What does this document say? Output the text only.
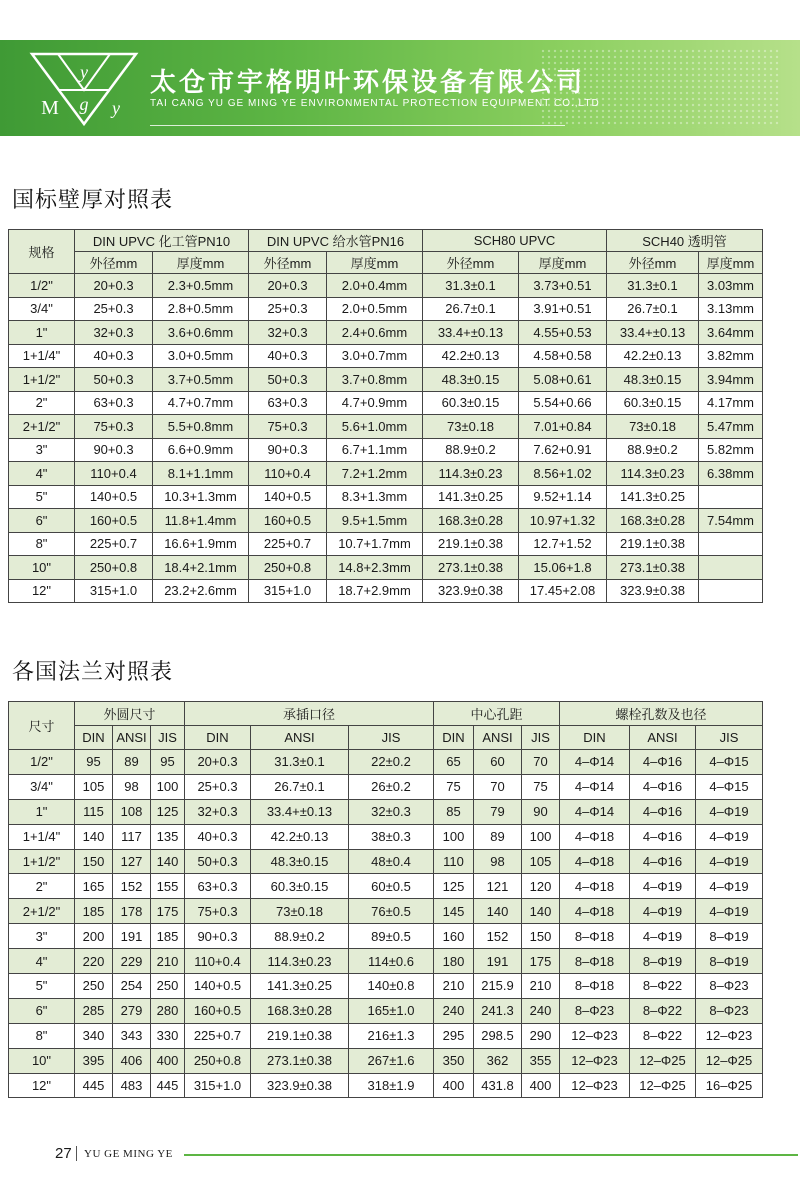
y
M g y
太仓市宇格明叶环保设备有限公司
TAI CANG YU GE MING YE ENVIRONMENTAL PROTECTION EQUIPMENT CO.,LTD
国标壁厚对照表
规格	DIN UPVC 化工管PN10		DIN UPVC 给水管PN16		SCH80 UPVC		SCH40 透明管	
	外径mm	厚度mm	外径mm	厚度mm	外径mm	厚度mm	外径mm	厚度mm
1/2"	20+0.3	2.3+0.5mm	20+0.3	2.0+0.4mm	31.3±0.1	3.73+0.51	31.3±0.1	3.03mm
3/4"	25+0.3	2.8+0.5mm	25+0.3	2.0+0.5mm	26.7±0.1	3.91+0.51	26.7±0.1	3.13mm
1"	32+0.3	3.6+0.6mm	32+0.3	2.4+0.6mm	33.4+±0.13	4.55+0.53	33.4+±0.13	3.64mm
1+1/4"	40+0.3	3.0+0.5mm	40+0.3	3.0+0.7mm	42.2±0.13	4.58+0.58	42.2±0.13	3.82mm
1+1/2"	50+0.3	3.7+0.5mm	50+0.3	3.7+0.8mm	48.3±0.15	5.08+0.61	48.3±0.15	3.94mm
2"	63+0.3	4.7+0.7mm	63+0.3	4.7+0.9mm	60.3±0.15	5.54+0.66	60.3±0.15	4.17mm
2+1/2"	75+0.3	5.5+0.8mm	75+0.3	5.6+1.0mm	73±0.18	7.01+0.84	73±0.18	5.47mm
3"	90+0.3	6.6+0.9mm	90+0.3	6.7+1.1mm	88.9±0.2	7.62+0.91	88.9±0.2	5.82mm
4"	110+0.4	8.1+1.1mm	110+0.4	7.2+1.2mm	114.3±0.23	8.56+1.02	114.3±0.23	6.38mm
5"	140+0.5	10.3+1.3mm	140+0.5	8.3+1.3mm	141.3±0.25	9.52+1.14	141.3±0.25	
6"	160+0.5	11.8+1.4mm	160+0.5	9.5+1.5mm	168.3±0.28	10.97+1.32	168.3±0.28	7.54mm
8"	225+0.7	16.6+1.9mm	225+0.7	10.7+1.7mm	219.1±0.38	12.7+1.52	219.1±0.38	
10"	250+0.8	18.4+2.1mm	250+0.8	14.8+2.3mm	273.1±0.38	15.06+1.8	273.1±0.38	
12"	315+1.0	23.2+2.6mm	315+1.0	18.7+2.9mm	323.9±0.38	17.45+2.08	323.9±0.38	
各国法兰对照表
尺寸	外圆尺寸			承插口径			中心孔距			螺栓孔数及也径		
	DIN	ANSI	JIS	DIN	ANSI	JIS	DIN	ANSI	JIS	DIN	ANSI	JIS
1/2"	95	89	95	20+0.3	31.3±0.1	22±0.2	65	60	70	4–Φ14	4–Φ16	4–Φ15
3/4"	105	98	100	25+0.3	26.7±0.1	26±0.2	75	70	75	4–Φ14	4–Φ16	4–Φ15
1"	115	108	125	32+0.3	33.4+±0.13	32±0.3	85	79	90	4–Φ14	4–Φ16	4–Φ19
1+1/4"	140	117	135	40+0.3	42.2±0.13	38±0.3	100	89	100	4–Φ18	4–Φ16	4–Φ19
1+1/2"	150	127	140	50+0.3	48.3±0.15	48±0.4	110	98	105	4–Φ18	4–Φ16	4–Φ19
2"	165	152	155	63+0.3	60.3±0.15	60±0.5	125	121	120	4–Φ18	4–Φ19	4–Φ19
2+1/2"	185	178	175	75+0.3	73±0.18	76±0.5	145	140	140	4–Φ18	4–Φ19	4–Φ19
3"	200	191	185	90+0.3	88.9±0.2	89±0.5	160	152	150	8–Φ18	4–Φ19	8–Φ19
4"	220	229	210	110+0.4	114.3±0.23	114±0.6	180	191	175	8–Φ18	8–Φ19	8–Φ19
5"	250	254	250	140+0.5	141.3±0.25	140±0.8	210	215.9	210	8–Φ18	8–Φ22	8–Φ23
6"	285	279	280	160+0.5	168.3±0.28	165±1.0	240	241.3	240	8–Φ23	8–Φ22	8–Φ23
8"	340	343	330	225+0.7	219.1±0.38	216±1.3	295	298.5	290	12–Φ23	8–Φ22	12–Φ23
10"	395	406	400	250+0.8	273.1±0.38	267±1.6	350	362	355	12–Φ23	12–Φ25	12–Φ25
12"	445	483	445	315+1.0	323.9±0.38	318±1.9	400	431.8	400	12–Φ23	12–Φ25	16–Φ25
27 YU GE MING YE
